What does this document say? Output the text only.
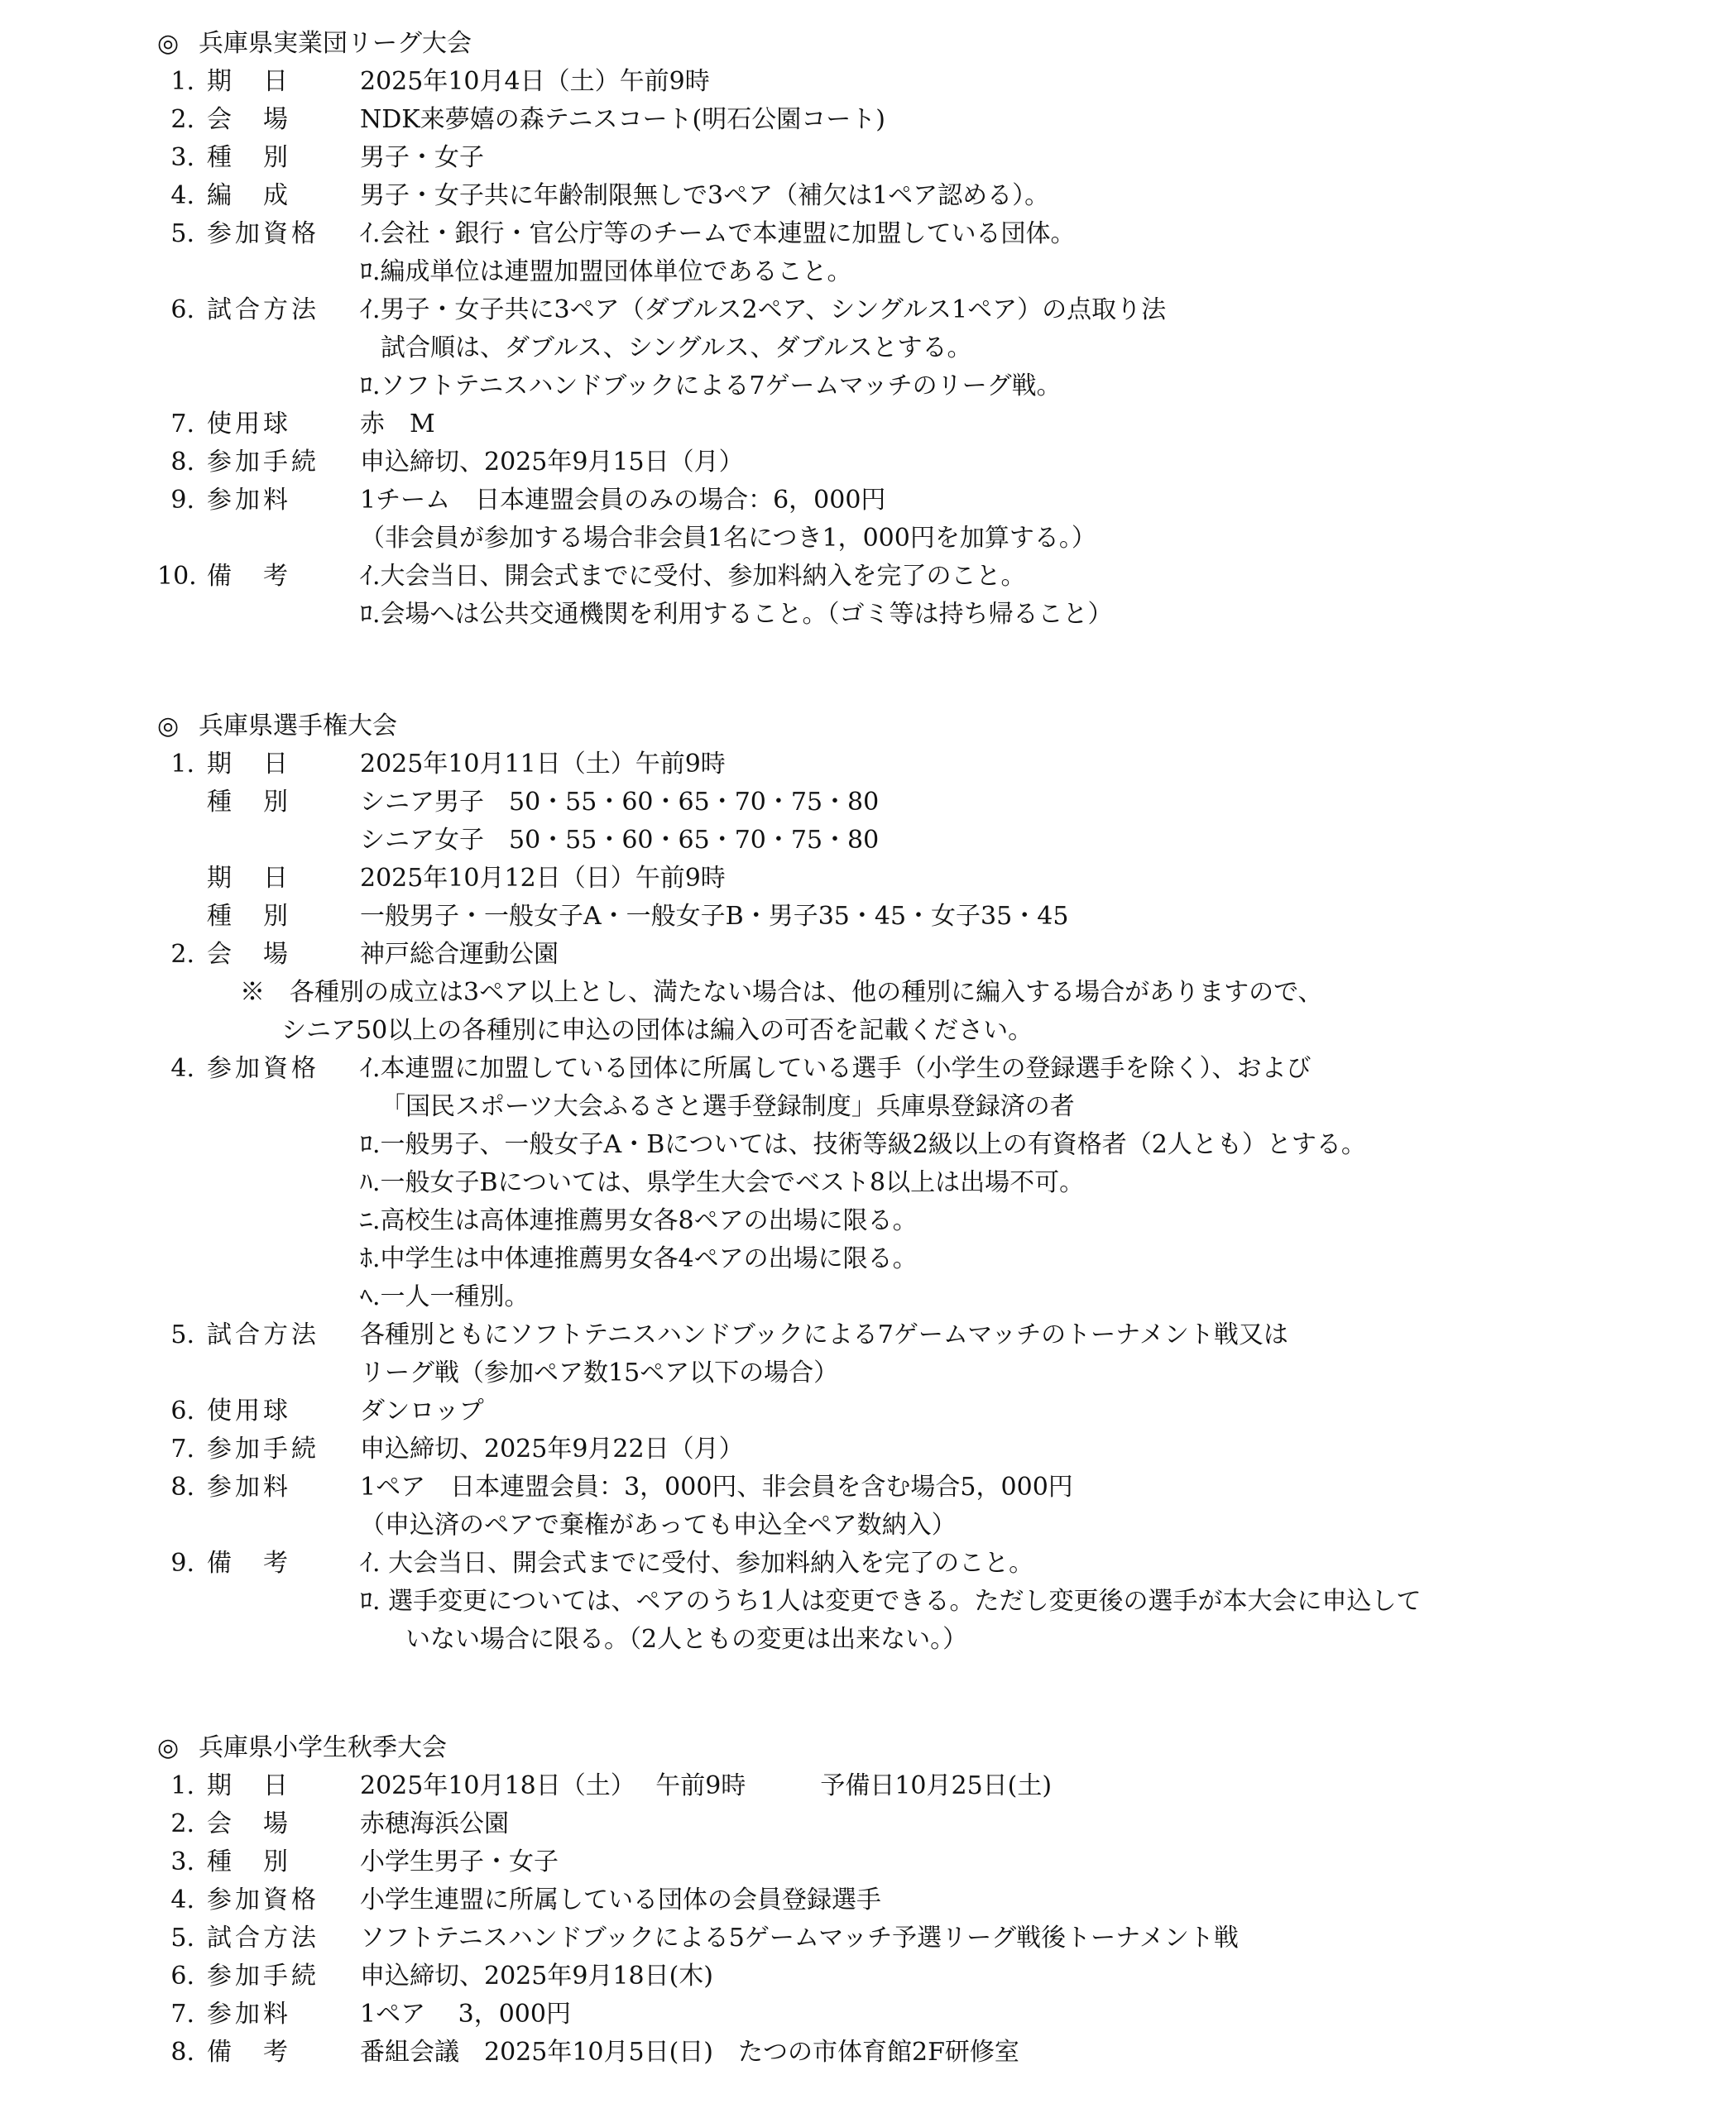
◎ 兵庫県実業団リーグ大会
1. 期　日	2025年10月4日（土）午前9時
2. 会　場	NDK来夢嬉の森テニスコート(明石公園コート)
3. 種　別	男子・女子
4. 編　成	男子・女子共に年齢制限無しで3ペア（補欠は1ペア認める）。
5. 参加資格	ｲ.会社・銀行・官公庁等のチームで本連盟に加盟している団体。
ﾛ.編成単位は連盟加盟団体単位であること。
6. 試合方法	ｲ.男子・女子共に3ペア（ダブルス2ペア、シングルス1ペア）の点取り法
試合順は、ダブルス、シングルス、ダブルスとする。
ﾛ.ソフトテニスハンドブックによる7ゲームマッチのリーグ戦。
7. 使用球	赤　M
8. 参加手続	申込締切、2025年9月15日（月）
9. 参加料	1チーム　日本連盟会員のみの場合：6，000円
（非会員が参加する場合非会員1名につき1，000円を加算する。）
10. 備　考	ｲ.大会当日、開会式までに受付、参加料納入を完了のこと。
ﾛ.会場へは公共交通機関を利用すること。（ゴミ等は持ち帰ること）
◎ 兵庫県選手権大会
1. 期　日	2025年10月11日（土）午前9時
種　別	シニア男子　50・55・60・65・70・75・80
シニア女子　50・55・60・65・70・75・80
期　日	2025年10月12日（日）午前9時
種　別	一般男子・一般女子A・一般女子B・男子35・45・女子35・45
2. 会　場	神戸総合運動公園
※　各種別の成立は3ペア以上とし、満たない場合は、他の種別に編入する場合がありますので、
シニア50以上の各種別に申込の団体は編入の可否を記載ください。
4. 参加資格	ｲ.本連盟に加盟している団体に所属している選手（小学生の登録選手を除く）、および
「国民スポーツ大会ふるさと選手登録制度」兵庫県登録済の者
ﾛ.一般男子、一般女子A・Bについては、技術等級2級以上の有資格者（2人とも）とする。
ﾊ.一般女子Bについては、県学生大会でベスト8以上は出場不可。
ﾆ.高校生は高体連推薦男女各8ペアの出場に限る。
ﾎ.中学生は中体連推薦男女各4ペアの出場に限る。
ﾍ.一人一種別。
5. 試合方法	各種別ともにソフトテニスハンドブックによる7ゲームマッチのトーナメント戦又は
リーグ戦（参加ペア数15ペア以下の場合）
6. 使用球	ダンロップ
7. 参加手続	申込締切、2025年9月22日（月）
8. 参加料	1ペア　日本連盟会員：3，000円、非会員を含む場合5，000円
（申込済のペアで棄権があっても申込全ペア数納入）
9. 備　考	ｲ. 大会当日、開会式までに受付、参加料納入を完了のこと。
ﾛ. 選手変更については、ペアのうち1人は変更できる。ただし変更後の選手が本大会に申込して
いない場合に限る。（2人ともの変更は出来ない。）
◎ 兵庫県小学生秋季大会
1. 期　日	2025年10月18日（土）　 午前9時　　　予備日10月25日(土)
2. 会　場	赤穂海浜公園
3. 種　別	小学生男子・女子
4. 参加資格	小学生連盟に所属している団体の会員登録選手
5. 試合方法	ソフトテニスハンドブックによる5ゲームマッチ予選リーグ戦後トーナメント戦
6. 参加手続	申込締切、2025年9月18日(木)
7. 参加料	1ペア　 3，000円
8. 備　考	番組会議　2025年10月5日(日)　たつの市体育館2F研修室
